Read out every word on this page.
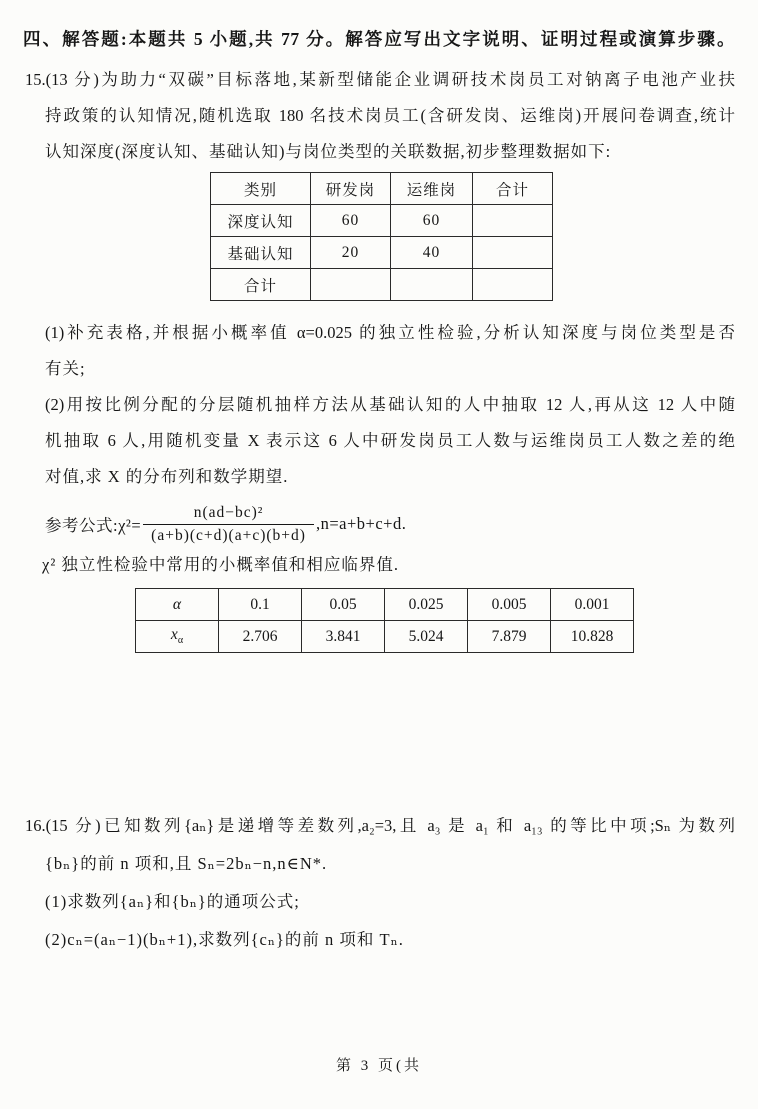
四、解答题:本题共 5 小题,共 77 分。解答应写出文字说明、证明过程或演算步骤。
15.(13 分)为助力“双碳”目标落地,某新型储能企业调研技术岗员工对钠离子电池产业扶
持政策的认知情况,随机选取 180 名技术岗员工(含研发岗、运维岗)开展问卷调查,统计
认知深度(深度认知、基础认知)与岗位类型的关联数据,初步整理数据如下:
类别	研发岗	运维岗	合计
深度认知	60	60	
基础认知	20	40	
合计			
(1)补充表格,并根据小概率值 α=0.025 的独立性检验,分析认知深度与岗位类型是否
有关;
(2)用按比例分配的分层随机抽样方法从基础认知的人中抽取 12 人,再从这 12 人中随
机抽取 6 人,用随机变量 X 表示这 6 人中研发岗员工人数与运维岗员工人数之差的绝
对值,求 X 的分布列和数学期望.
参考公式:χ²= $\frac{\text{n(ad−bc)²}}{(a+b)(c+d)(a+c)(b+d)} ,n=a+b+c+d$.
χ² 独立性检验中常用的小概率值和相应临界值.
α	0.1	0.05	0.025	0.005	0.001
$x_\alpha$	2.706	3.841	5.024	7.879	10.828
16.(15 分)已知数列{aₙ}是递增等差数列,a₂=3,且 a₃ 是 a₁ 和 a₁₃ 的等比中项;Sₙ 为数列
{bₙ}的前 n 项和,且 Sₙ=2bₙ−n,n∈N*.
(1)求数列{aₙ}和{bₙ}的通项公式;
(2)cₙ=(aₙ−1)(bₙ+1),求数列{cₙ}的前 n 项和 Tₙ.
第 3 页(共
